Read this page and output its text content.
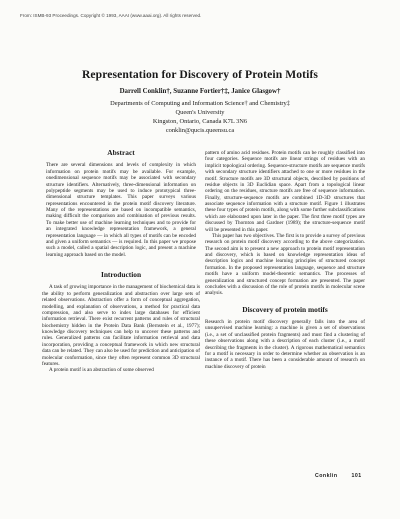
From: ISMB-93 Proceedings. Copyright © 1993, AAAI (www.aaai.org). All rights reserved.
Representation for Discovery of Protein Motifs
Darrell Conklin†, Suzanne Fortier†‡, Janice Glasgow†
Departments of Computing and Information Science† and Chemistry‡
Queen's University
Kingston, Ontario, Canada K7L 3N6
conklin@qucis.queensu.ca
Abstract

There are several dimensions and levels of complexity in which information on protein motifs may be available. For example, onedimensional sequence motifs may be associated with secondary structure identifiers. Alternatively, three-dimensional information on polypeptide segments may be used to induce prototypical three-dimensional structure templates. This paper surveys various representations encountered in the protein motif discovery literature. Many of the representations are based on incompatible semantics, making difficult the comparison and combination of previous results. To make better use of machine learning techniques and to provide for an integrated knowledge representation framework, a general representation language — in which all types of motifs can be encoded and given a uniform semantics — is required. In this paper we propose such a model, called a spatial description logic, and present a machine learning approach based on the model.

Introduction

A task of growing importance in the management of biochemical data is the ability to perform generalization and abstraction over large sets of related observations. Abstraction offer a form of conceptual aggregation, modelling, and explanation of observations, a method for practical data compression, and also serve to index large databases for efficient information retrieval. There exist recurrent patterns and rules of structural biochemistry hidden in the Protein Data Bank (Bernstein et al., 1977); knowledge discovery techniques can help to uncover these patterns and rules. Generalized patterns can facilitate information retrieval and data incorporation, providing a conceptual framework in which new structural data can be related. They can also be used for prediction and anticipation of molecular conformation, since they often represent common 3D structural features.

A protein motif is an abstraction of some observed

pattern of amino acid residues. Protein motifs can be roughly classified into four categories. Sequence motifs are linear strings of residues with an implicit topological ordering. Sequence-structure motifs are sequence motifs with secondary structure identifiers attached to one or more residues in the motif. Structure motifs are 3D structural objects, described by positions of residue objects in 3D Euclidian space. Apart from a topological linear ordering on the residues, structure motifs are free of sequence information. Finally, structure-sequence motifs are combined 1D-3D structures that associate sequence information with a structure motif. Figure 1 illustrates these four types of protein motifs, along with some further subclassifications which are elaborated upon later in the paper. The first three motif types are discussed by Thornton and Gardner (1989); the structure-sequence motif will be presented in this paper.

This paper has two objectives. The first is to provide a survey of previous research on protein motif discovery according to the above categorization. The second aim is to present a new approach to protein motif representation and discovery, which is based on knowledge representation ideas of description logics and machine learning principles of structured concept formation. In the proposed representation language, sequence and structure motifs have a uniform model-theoretic semantics. The processes of generalization and structured concept formation are presented. The paper concludes with a discussion of the role of protein motifs in molecular scene analysis.

Discovery of protein motifs

Research in protein motif discovery generally falls into the area of unsupervised machine learning: a machine is given a set of observations (i.e., a set of unclassified protein fragments) and must find a clustering of these observations along with a description of each cluster (i.e., a motif describing the fragments in the cluster). A rigorous mathematical semantics for a motif is necessary in order to determine whether an observation is an instance of a motif. There has been a considerable amount of research on machine discovery of protein

Conklin	101
